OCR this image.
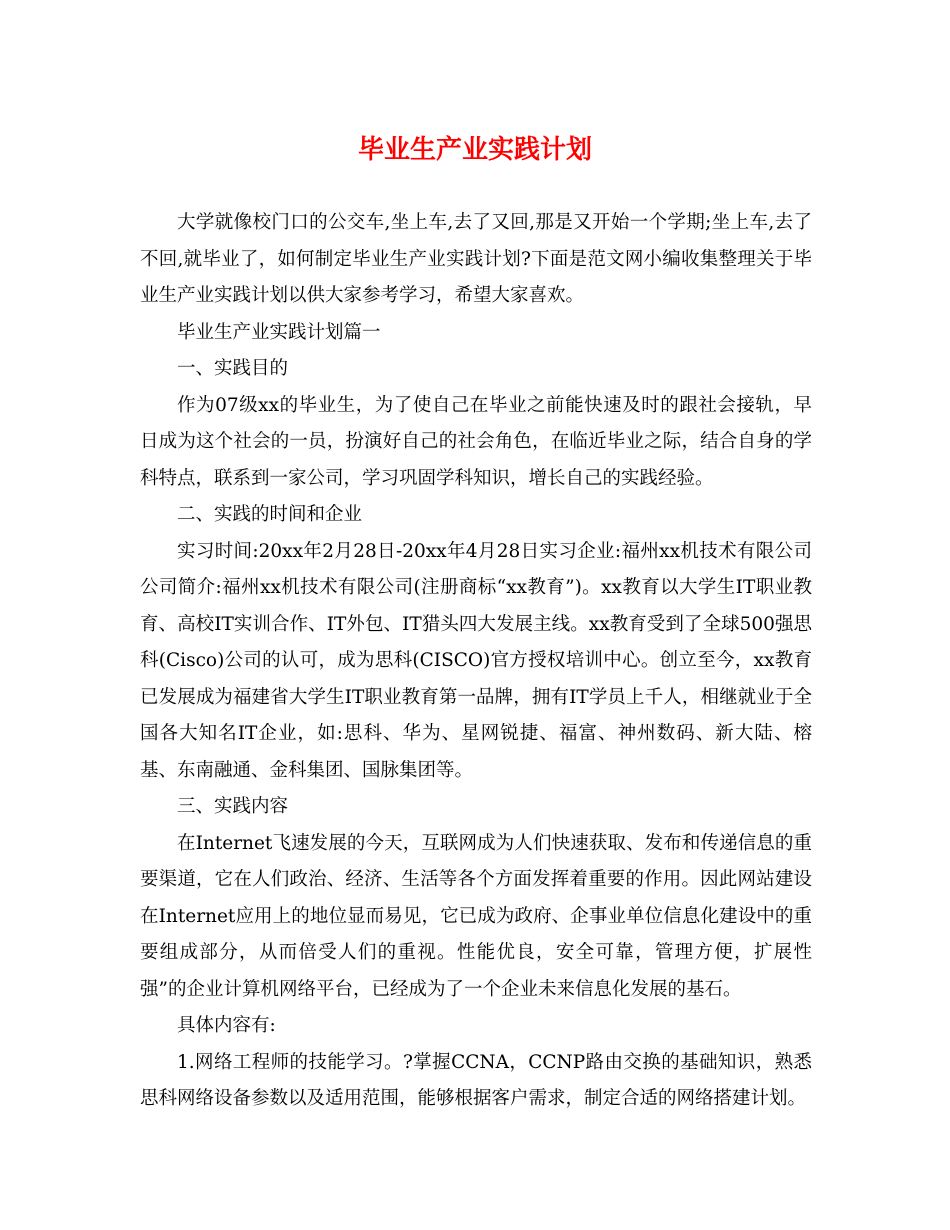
毕业生产业实践计划

大学就像校门口的公交车,坐上车,去了又回,那是又开始一个学期;坐上车,去了不回,就毕业了，如何制定毕业生产业实践计划?下面是范文网小编收集整理关于毕业生产业实践计划以供大家参考学习，希望大家喜欢。

毕业生产业实践计划篇一

一、实践目的

作为07级xx的毕业生，为了使自己在毕业之前能快速及时的跟社会接轨，早日成为这个社会的一员，扮演好自己的社会角色，在临近毕业之际，结合自身的学科特点，联系到一家公司，学习巩固学科知识，增长自己的实践经验。

二、实践的时间和企业

实习时间:20xx年2月28日-20xx年4月28日实习企业:福州xx机技术有限公司公司简介:福州xx机技术有限公司(注册商标“xx教育”)。xx教育以大学生IT职业教育、高校IT实训合作、IT外包、IT猎头四大发展主线。xx教育受到了全球500强思科(Cisco)公司的认可，成为思科(CISCO)官方授权培训中心。创立至今，xx教育已发展成为福建省大学生IT职业教育第一品牌，拥有IT学员上千人，相继就业于全国各大知名IT企业，如:思科、华为、星网锐捷、福富、神州数码、新大陆、榕基、东南融通、金科集团、国脉集团等。

三、实践内容

在Internet飞速发展的今天，互联网成为人们快速获取、发布和传递信息的重要渠道，它在人们政治、经济、生活等各个方面发挥着重要的作用。因此网站建设在Internet应用上的地位显而易见，它已成为政府、企事业单位信息化建设中的重要组成部分，从而倍受人们的重视。性能优良，安全可靠，管理方便，扩展性强”的企业计算机网络平台，已经成为了一个企业未来信息化发展的基石。

具体内容有:

1.网络工程师的技能学习。?掌握CCNA，CCNP路由交换的基础知识，熟悉思科网络设备参数以及适用范围，能够根据客户需求，制定合适的网络搭建计划。
